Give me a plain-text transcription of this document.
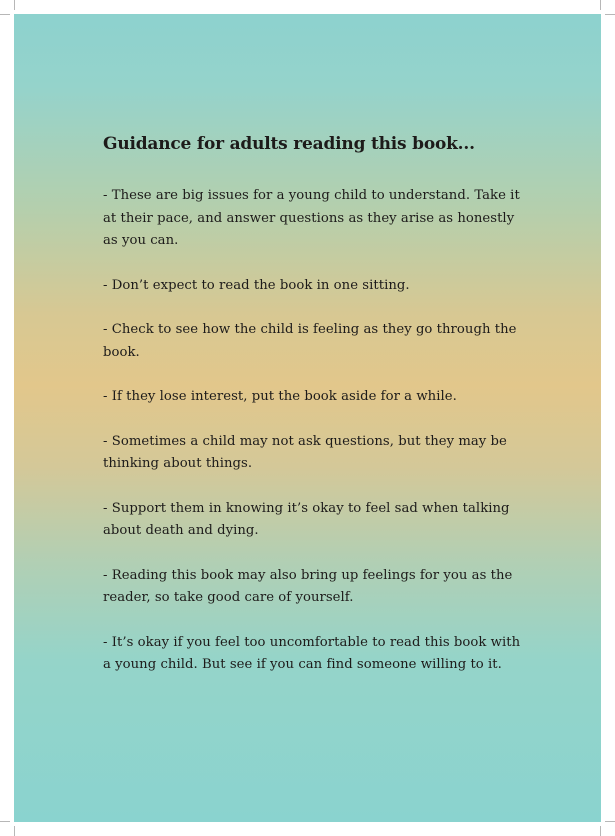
Guidance for adults reading this book...

- These are big issues for a young child to understand. Take it at their pace, and answer questions as they arise as honestly as you can.

- Don’t expect to read the book in one sitting.

- Check to see how the child is feeling as they go through the book.

- If they lose interest, put the book aside for a while.

- Sometimes a child may not ask questions, but they may be thinking about things.

- Support them in knowing it’s okay to feel sad when talking about death and dying.

- Reading this book may also bring up feelings for you as the reader, so take good care of yourself.

- It’s okay if you feel too uncomfortable to read this book with a young child. But see if you can find someone willing to it.
